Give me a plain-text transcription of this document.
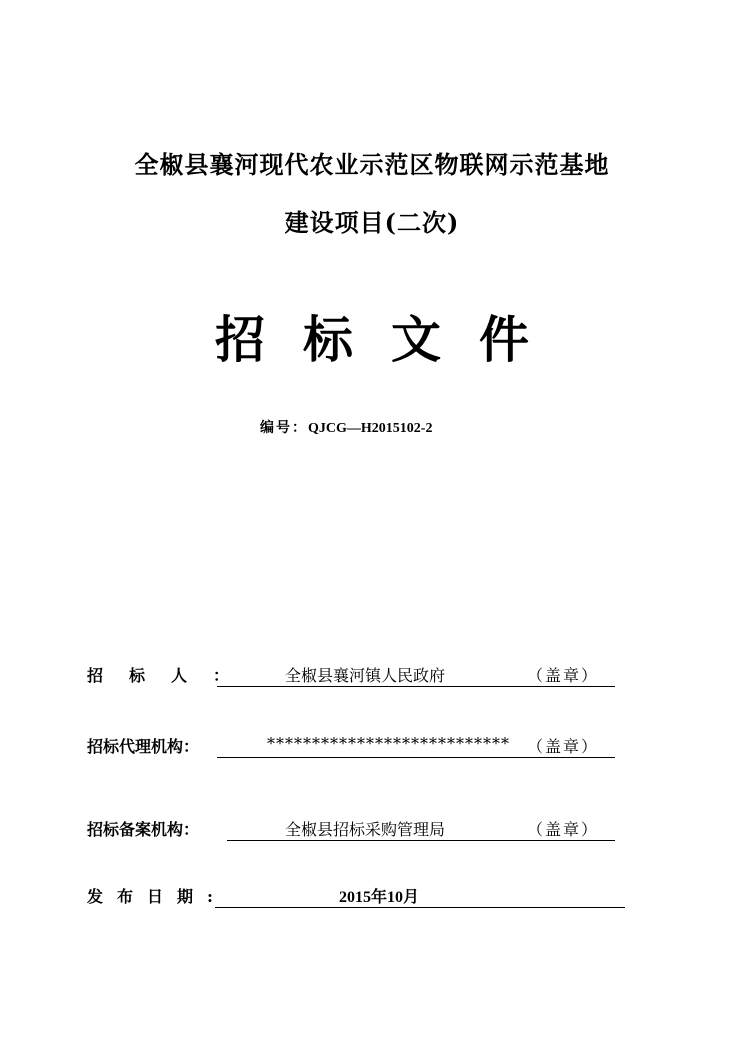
全椒县襄河现代农业示范区物联网示范基地
建设项目(二次)
招标文件
编号：QJCG—H2015102-2
招标人： 全椒县襄河镇人民政府	（盖章）
招标代理机构：	*************************** （盖章）
招标备案机构：	全椒县招标采购管理局	（盖章）
发布日期:	2015年10月
